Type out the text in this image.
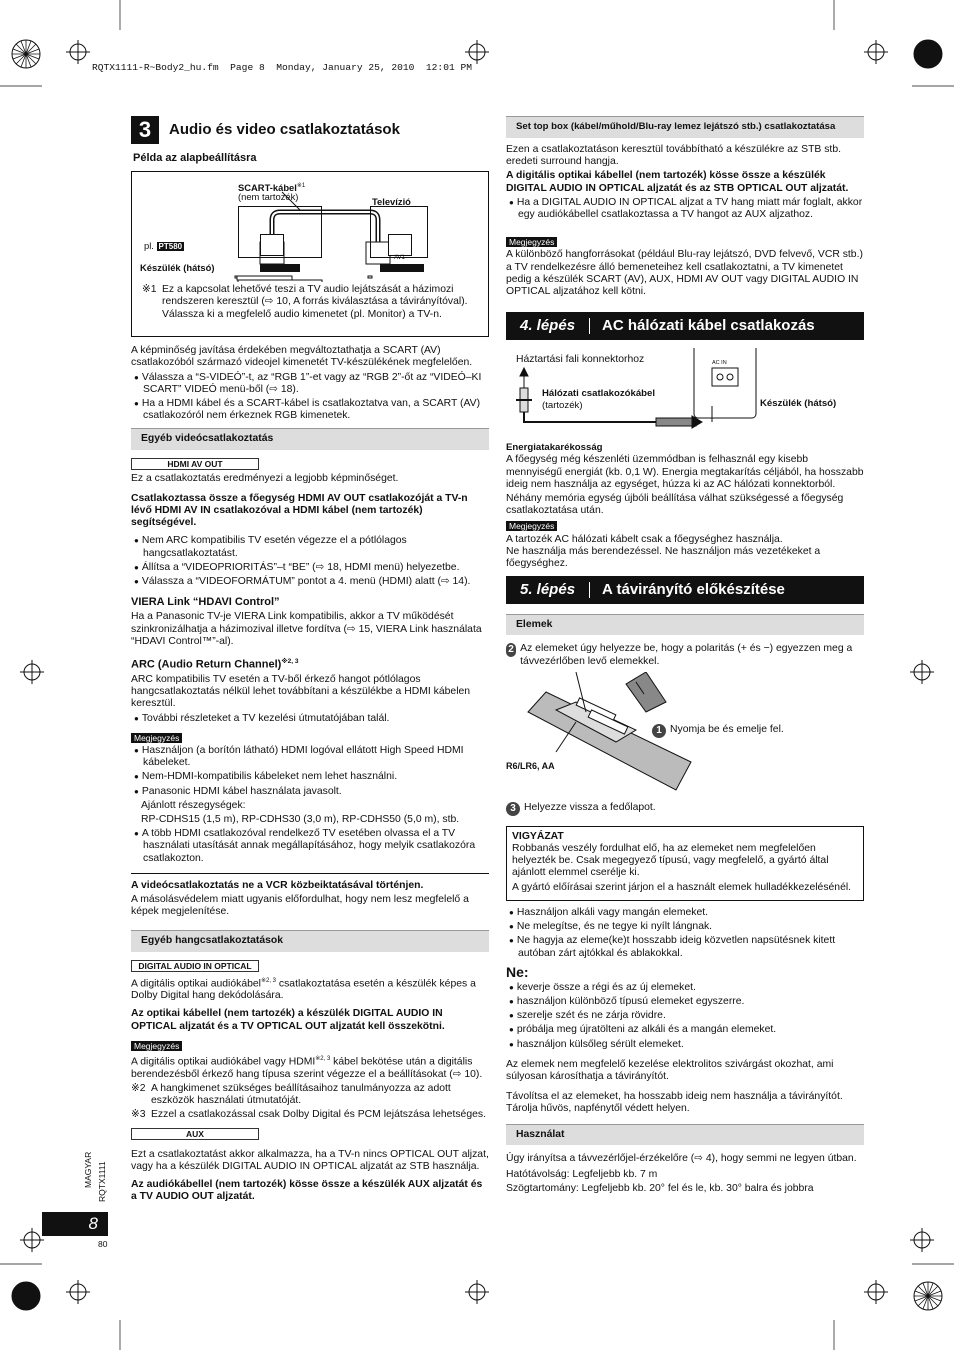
RQTX1111-R~Body2_hu.fm  Page 8  Monday, January 25, 2010  12:01 PM
3	Audio és video csatlakoztatások
Példa az alapbeállításra
SCART-kábel$^{※1}$
(nem tartozék)	Televízió
pl. PT580
Készülék (hátsó)
AV1
※1 Ez a kapcsolat lehetővé teszi a TV audio lejátszását a házimozi rendszeren keresztül (⇨ 10, A forrás kiválasztása a távirányítóval). Válassza ki a megfelelő audio kimenetet (pl. Monitor) a TV-n.

A képminőség javítása érdekében megváltoztathatja a SCART (AV) csatlakozóból származó videojel kimenetét TV-készülékének megfelelően.

● Válassza a “S-VIDEÓ”-t, az “RGB 1”-et vagy az “RGB 2”-őt az “VIDEÓ–KI SCART” VIDEÓ menü-ből (⇨ 18).

● Ha a HDMI kábel és a SCART-kábel is csatlakoztatva van, a SCART (AV) csatlakozóról nem érkeznek RGB kimenetek.

Egyéb videócsatlakoztatás
HDMI AV OUT

Ez a csatlakoztatás eredményezi a legjobb képminőséget.

Csatlakoztassa össze a főegység HDMI AV OUT csatlakozóját a TV-n lévő HDMI AV IN csatlakozóval a HDMI kábel (nem tartozék) segítségével.

● Nem ARC kompatibilis TV esetén végezze el a pótlólagos hangcsatlakoztatást.

● Állítsa a “VIDEOPRIORITÁS”–t “BE” (⇨ 18, HDMI menü) helyezetbe.

● Válassza a “VIDEOFORMÁTUM” pontot a 4. menü (HDMI) alatt (⇨ 14).

VIERA Link “HDAVI Control”

Ha a Panasonic TV-je VIERA Link kompatibilis, akkor a TV működését szinkronizálhatja a házimozival illetve fordítva (⇨ 15, VIERA Link használata “HDAVI Control™”-al).

ARC (Audio Return Channel)$^{※2, 3}$

ARC kompatibilis TV esetén a TV-ből érkező hangot pótlólagos hangcsatlakoztatás nélkül lehet továbbítani a készülékbe a HDMI kábelen keresztül.

● További részleteket a TV kezelési útmutatójában talál.

Megjegyzés

● Használjon (a borítón látható) HDMI logóval ellátott High Speed HDMI kábeleket.

● Nem-HDMI-kompatibilis kábeleket nem lehet használni.

● Panasonic HDMI kábel használata javasolt.

Ajánlott részegységek:

RP-CDHS15 (1,5 m), RP-CDHS30 (3,0 m), RP-CDHS50 (5,0 m), stb.

● A több HDMI csatlakozóval rendelkező TV esetében olvassa el a TV használati utasítását annak megállapításához, hogy melyik csatlakozóra csatlakozton.

A videócsatlakoztatás ne a VCR közbeiktatásával történjen.

A másolásvédelem miatt ugyanis előfordulhat, hogy nem lesz megfelelő a képek megjelenítése.

Egyéb hangcsatlakoztatások
DIGITAL AUDIO IN OPTICAL

A digitális optikai audiókábel$^{※2, 3}$ csatlakoztatása esetén a készülék képes a Dolby Digital hang dekódolására.

Az optikai kábellel (nem tartozék) a készülék DIGITAL AUDIO IN OPTICAL aljzatát és a TV OPTICAL OUT aljzatát kell összekötni.

Megjegyzés

A digitális optikai audiókábel vagy HDMI$^{※2, 3}$ kábel bekötése után a digitális berendezésből érkező hang típusa szerint végezze el a beállításokat (⇨ 10).

※2 A hangkimenet szükséges beállításaihoz tanulmányozza az adott eszközök használati útmutatóját.

※3 Ezzel a csatlakozással csak Dolby Digital és PCM lejátszása lehetséges.

AUX

Ezt a csatlakoztatást akkor alkalmazza, ha a TV-n nincs OPTICAL OUT aljzat, vagy ha a készülék DIGITAL AUDIO IN OPTICAL aljzatát az STB használja.

Az audiókábellel (nem tartozék) kösse össze a készülék AUX aljzatát és a TV AUDIO OUT aljzatát.

Set top box (kábel/műhold/Blu-ray lemez lejátszó stb.) csatlakoztatása

Ezen a csatlakoztatáson keresztül továbbítható a készülékre az STB stb. eredeti surround hangja.

A digitális optikai kábellel (nem tartozék) kösse össze a készülék DIGITAL AUDIO IN OPTICAL aljzatát és az STB OPTICAL OUT aljzatát.

● Ha a DIGITAL AUDIO IN OPTICAL aljzat a TV hang miatt már foglalt, akkor egy audiókábellel csatlakoztassa a TV hangot az AUX aljzathoz.

Megjegyzés

A különböző hangforrásokat (például Blu-ray lejátszó, DVD felvevő, VCR stb.) a TV rendelkezésre álló bemeneteihez kell csatlakoztatni, a TV kimenetet pedig a készülék SCART (AV), AUX, HDMI AV OUT vagy DIGITAL AUDIO IN OPTICAL aljzatához kell kötni.

4. lépés	AC hálózati kábel csatlakozás
Háztartási fali konnektorhoz	AC IN
Hálózati csatlakozókábel
(tartozék)	Készülék (hátsó)
Energiatakarékosság

A főegység még készenléti üzemmódban is felhasznál egy kisebb mennyiségű energiát (kb. 0,1 W). Energia megtakarítás céljából, ha hosszabb ideig nem használja az egységet, húzza ki az AC hálózati konnektorból.

Néhány memória egység újbóli beállítása válhat szükségessé a főegység csatlakoztatása után.

Megjegyzés

A tartozék AC hálózati kábelt csak a főegységhez használja.

Ne használja más berendezéssel. Ne használjon más vezetékeket a főegységhez.

5. lépés	A távirányító előkészítése
Elemek

2 Az elemeket úgy helyezze be, hogy a polaritás (+ és −) egyezzen meg a távvezérlőben levő elemekkel.

R6/LR6, AA

1 Nyomja be és emelje fel.

3 Helyezze vissza a fedőlapot.

VIGYÁZAT

Robbanás veszély fordulhat elő, ha az elemeket nem megfelelően helyezték be. Csak megegyező típusú, vagy megfelelő, a gyártó által ajánlott elemmel cserélje ki.

A gyártó előírásai szerint járjon el a használt elemek hulladékkezelésénél.

● Használjon alkáli vagy mangán elemeket.

● Ne melegítse, és ne tegye ki nyílt lángnak.

● Ne hagyja az eleme(ke)t hosszabb ideig közvetlen napsütésnek kitett autóban zárt ajtókkal és ablakokkal.

Ne:

● keverje össze a régi és az új elemeket.

● használjon különböző típusú elemeket egyszerre.

● szerelje szét és ne zárja rövidre.

● próbálja meg újratölteni az alkáli és a mangán elemeket.

● használjon külsőleg sérült elemeket.

Az elemek nem megfelelő kezelése elektrolitos szivárgást okozhat, ami súlyosan károsíthatja a távirányítót.

Távolítsa el az elemeket, ha hosszabb ideig nem használja a távirányítót. Tárolja hűvös, napfénytől védett helyen.

Használat

Úgy irányítsa a távvezérlőjel-érzékelőre (⇨ 4), hogy semmi ne legyen útban.

Hatótávolság: Legfeljebb kb. 7 m

Szögtartomány: Legfeljebb kb. 20° fel és le, kb. 30° balra és jobbra

MAGYAR RQTX1111
8
80
